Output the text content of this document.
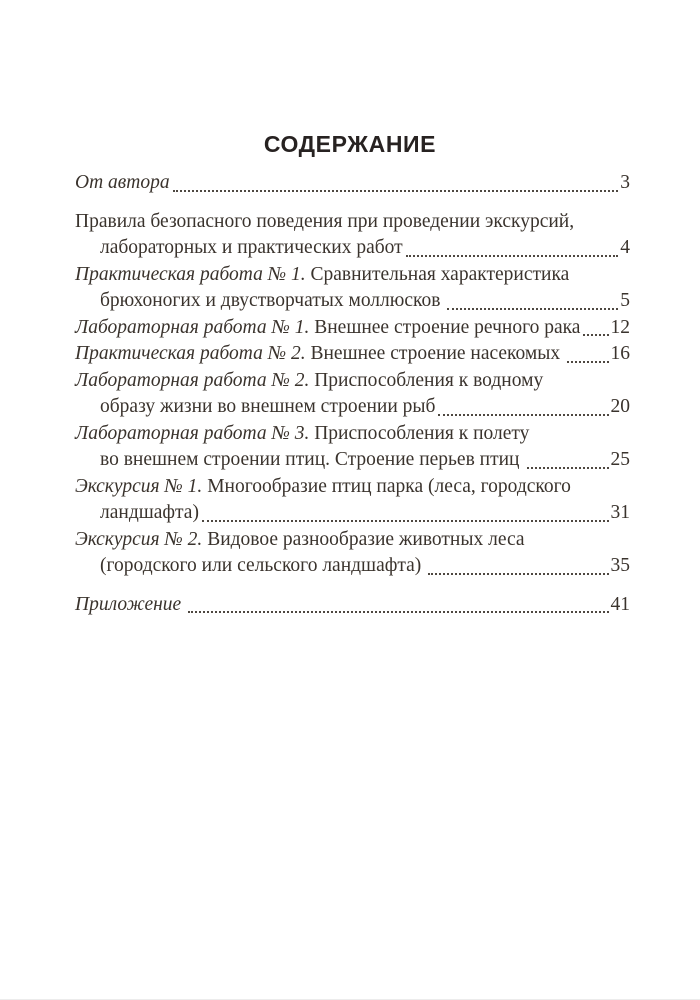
СОДЕРЖАНИЕ
От автора	3
Правила безопасного поведения при проведении экскурсий,
лабораторных и практических работ	4
Практическая работа № 1. Сравнительная характеристика
брюхоногих и двустворчатых моллюсков	5
Лабораторная работа № 1. Внешнее строение речного рака 12
Практическая работа № 2. Внешнее строение насекомых	16
Лабораторная работа № 2. Приспособления к водному
образу жизни во внешнем строении рыб	20
Лабораторная работа № 3. Приспособления к полету
во внешнем строении птиц. Строение перьев птиц	25
Экскурсия № 1. Многообразие птиц парка (леса, городского
ландшафта)	31
Экскурсия № 2. Видовое разнообразие животных леса
(городского или сельского ландшафта)	35
Приложение	41
